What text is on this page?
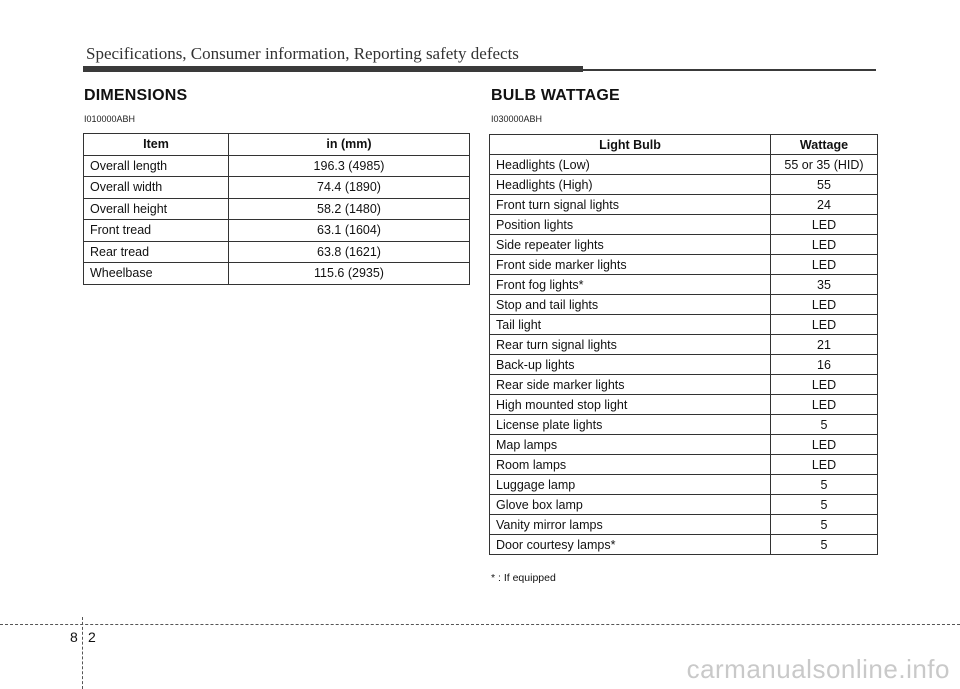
Specifications, Consumer information, Reporting safety defects
DIMENSIONS
I010000ABH
Item	in (mm)
Overall length	196.3 (4985)
Overall width	74.4 (1890)
Overall height	58.2 (1480)
Front tread	63.1 (1604)
Rear tread	63.8 (1621)
Wheelbase	115.6 (2935)
BULB WATTAGE
I030000ABH
Light Bulb	Wattage
Headlights (Low)	55 or 35 (HID)
Headlights (High)	55
Front turn signal lights	24
Position lights	LED
Side repeater lights	LED
Front side marker lights	LED
Front fog lights*	35
Stop and tail lights	LED
Tail light	LED
Rear turn signal lights	21
Back-up lights	16
Rear side marker lights	LED
High mounted stop light	LED
License plate lights	5
Map lamps	LED
Room lamps	LED
Luggage lamp	5
Glove box lamp	5
Vanity mirror lamps	5
Door courtesy lamps*	5
* : If equipped
8 2
carmanualsonline.info
